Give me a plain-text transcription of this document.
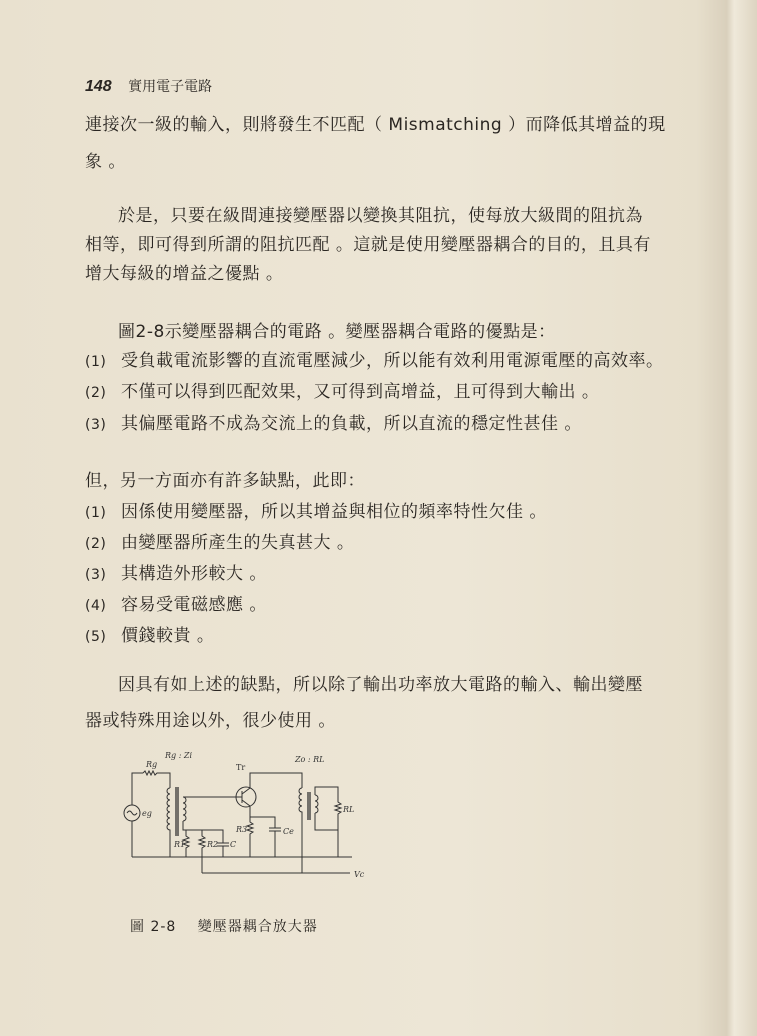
148 實用電子電路
連接次一級的輸入，則將發生不匹配（ Mismatching ）而降低其增益的現
象 。
於是，只要在級間連接變壓器以變換其阻抗，使每放大級間的阻抗為
相等，即可得到所謂的阻抗匹配 。這就是使用變壓器耦合的目的，且具有
增大每級的增益之優點 。
圖2-8示變壓器耦合的電路 。變壓器耦合電路的優點是：
(1) 受負載電流影響的直流電壓減少，所以能有效利用電源電壓的高效率。
(2) 不僅可以得到匹配效果，又可得到高增益，且可得到大輸出 。
(3) 其偏壓電路不成為交流上的負載，所以直流的穩定性甚佳 。
但，另一方面亦有許多缺點，此即：
(1) 因係使用變壓器，所以其增益與相位的頻率特性欠佳 。
(2) 由變壓器所產生的失真甚大 。
(3) 其構造外形較大 。
(4) 容易受電磁感應 。
(5) 價錢較貴 。
因具有如上述的缺點，所以除了輸出功率放大電路的輸入、輸出變壓
器或特殊用途以外，很少使用 。
Rg
Rg : Zi
Tr
Zo : RL
eg
R1	R2 C
R3	Ce
RL
Vc
圖 2-8 變壓器耦合放大器
